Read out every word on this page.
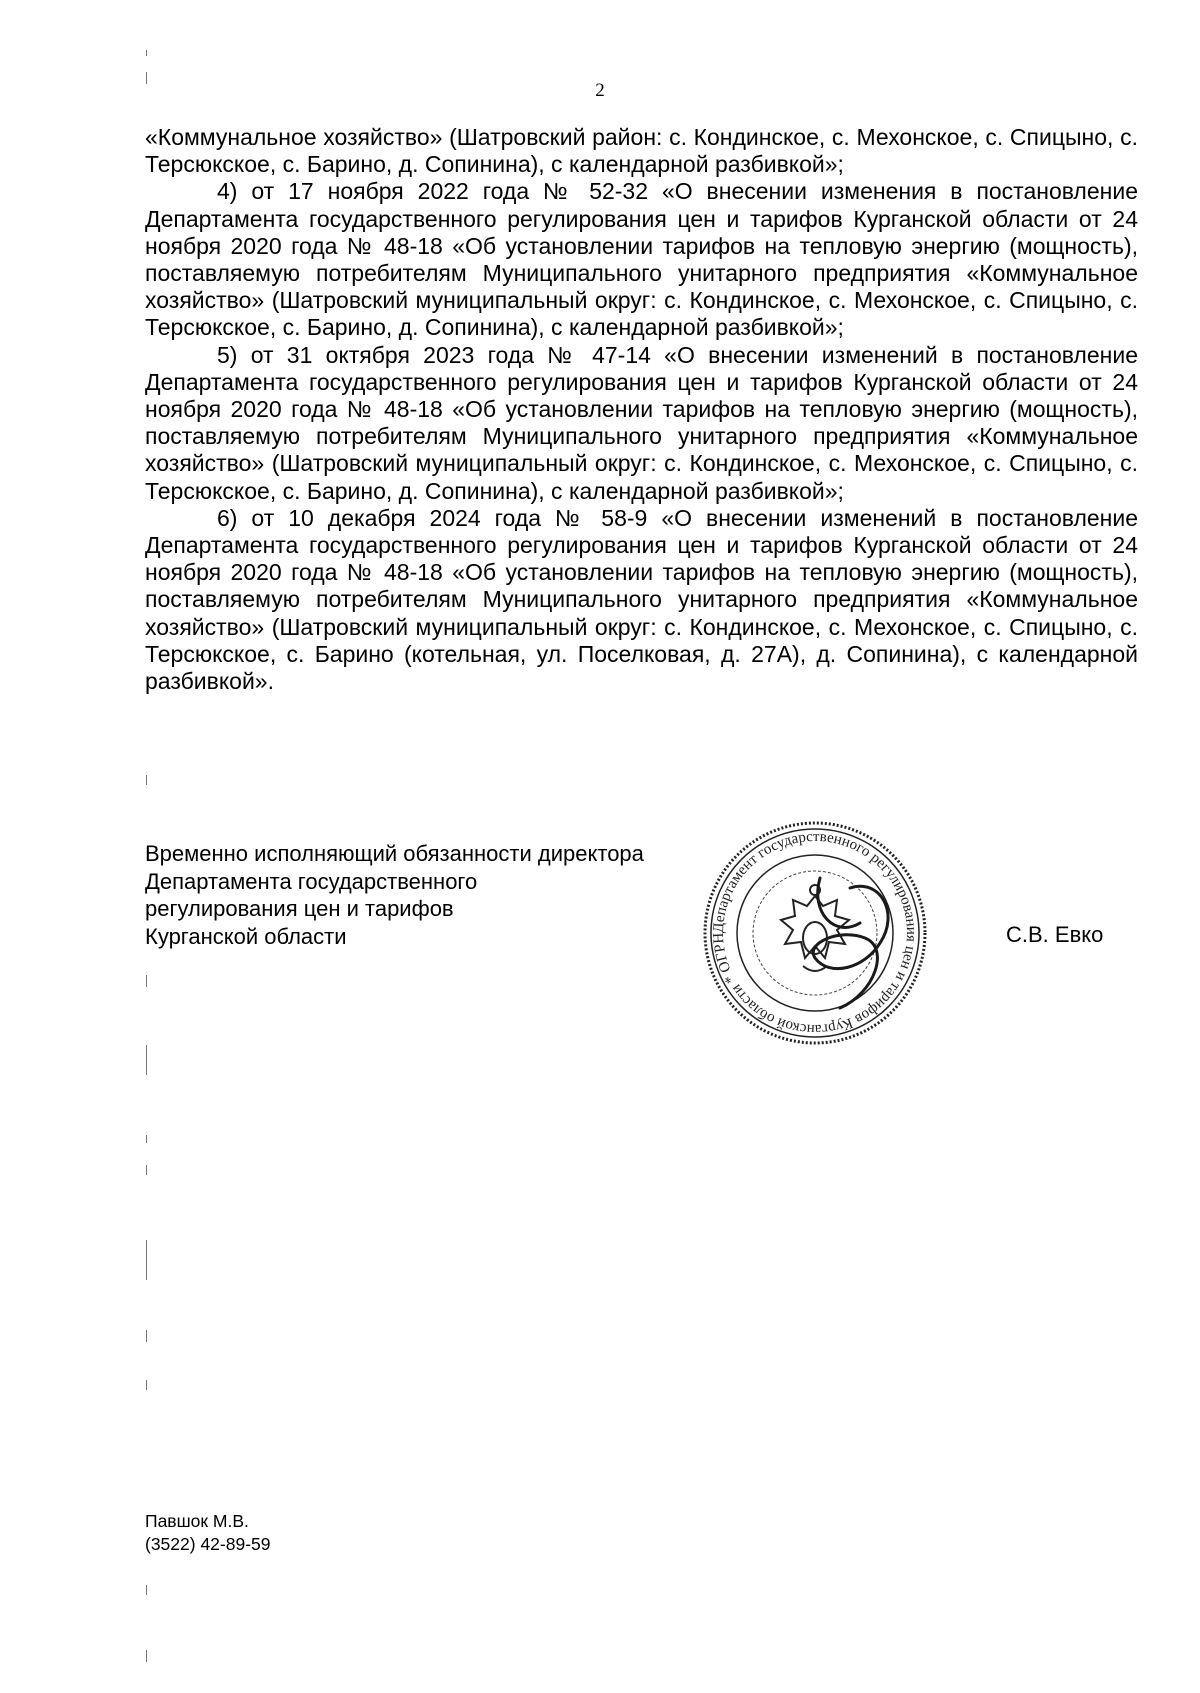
2

«Коммунальное хозяйство» (Шатровский район: с. Кондинское, с. Мехонское, с. Спицыно, с. Терсюкское, с. Барино, д. Сопинина), с календарной разбивкой»;

4) от 17 ноября 2022 года № 52-32 «О внесении изменения в постановление Департамента государственного регулирования цен и тарифов Курганской области от 24 ноября 2020 года № 48-18 «Об установлении тарифов на тепловую энергию (мощность), поставляемую потребителям Муниципального унитарного предприятия «Коммунальное хозяйство» (Шатровский муниципальный округ: с. Кондинское, с. Мехонское, с. Спицыно, с. Терсюкское, с. Барино, д. Сопинина), с календарной разбивкой»;

5) от 31 октября 2023 года № 47-14 «О внесении изменений в постановление Департамента государственного регулирования цен и тарифов Курганской области от 24 ноября 2020 года № 48-18 «Об установлении тарифов на тепловую энергию (мощность), поставляемую потребителям Муниципального унитарного предприятия «Коммунальное хозяйство» (Шатровский муниципальный округ: с. Кондинское, с. Мехонское, с. Спицыно, с. Терсюкское, с. Барино, д. Сопинина), с календарной разбивкой»;

6) от 10 декабря 2024 года № 58-9 «О внесении изменений в постановление Департамента государственного регулирования цен и тарифов Курганской области от 24 ноября 2020 года № 48-18 «Об установлении тарифов на тепловую энергию (мощность), поставляемую потребителям Муниципального унитарного предприятия «Коммунальное хозяйство» (Шатровский муниципальный округ: с. Кондинское, с. Мехонское, с. Спицыно, с. Терсюкское, с. Барино (котельная, ул. Поселковая, д. 27А), д. Сопинина), с календарной разбивкой».

Временно исполняющий обязанности директора
Департамента государственного
регулирования цен и тарифов
Курганской области	Департамент государственного регулирования цен и тарифов Курганской области * ОГРН	С.В. Евко
Павшок М.В.
(3522) 42-89-59
